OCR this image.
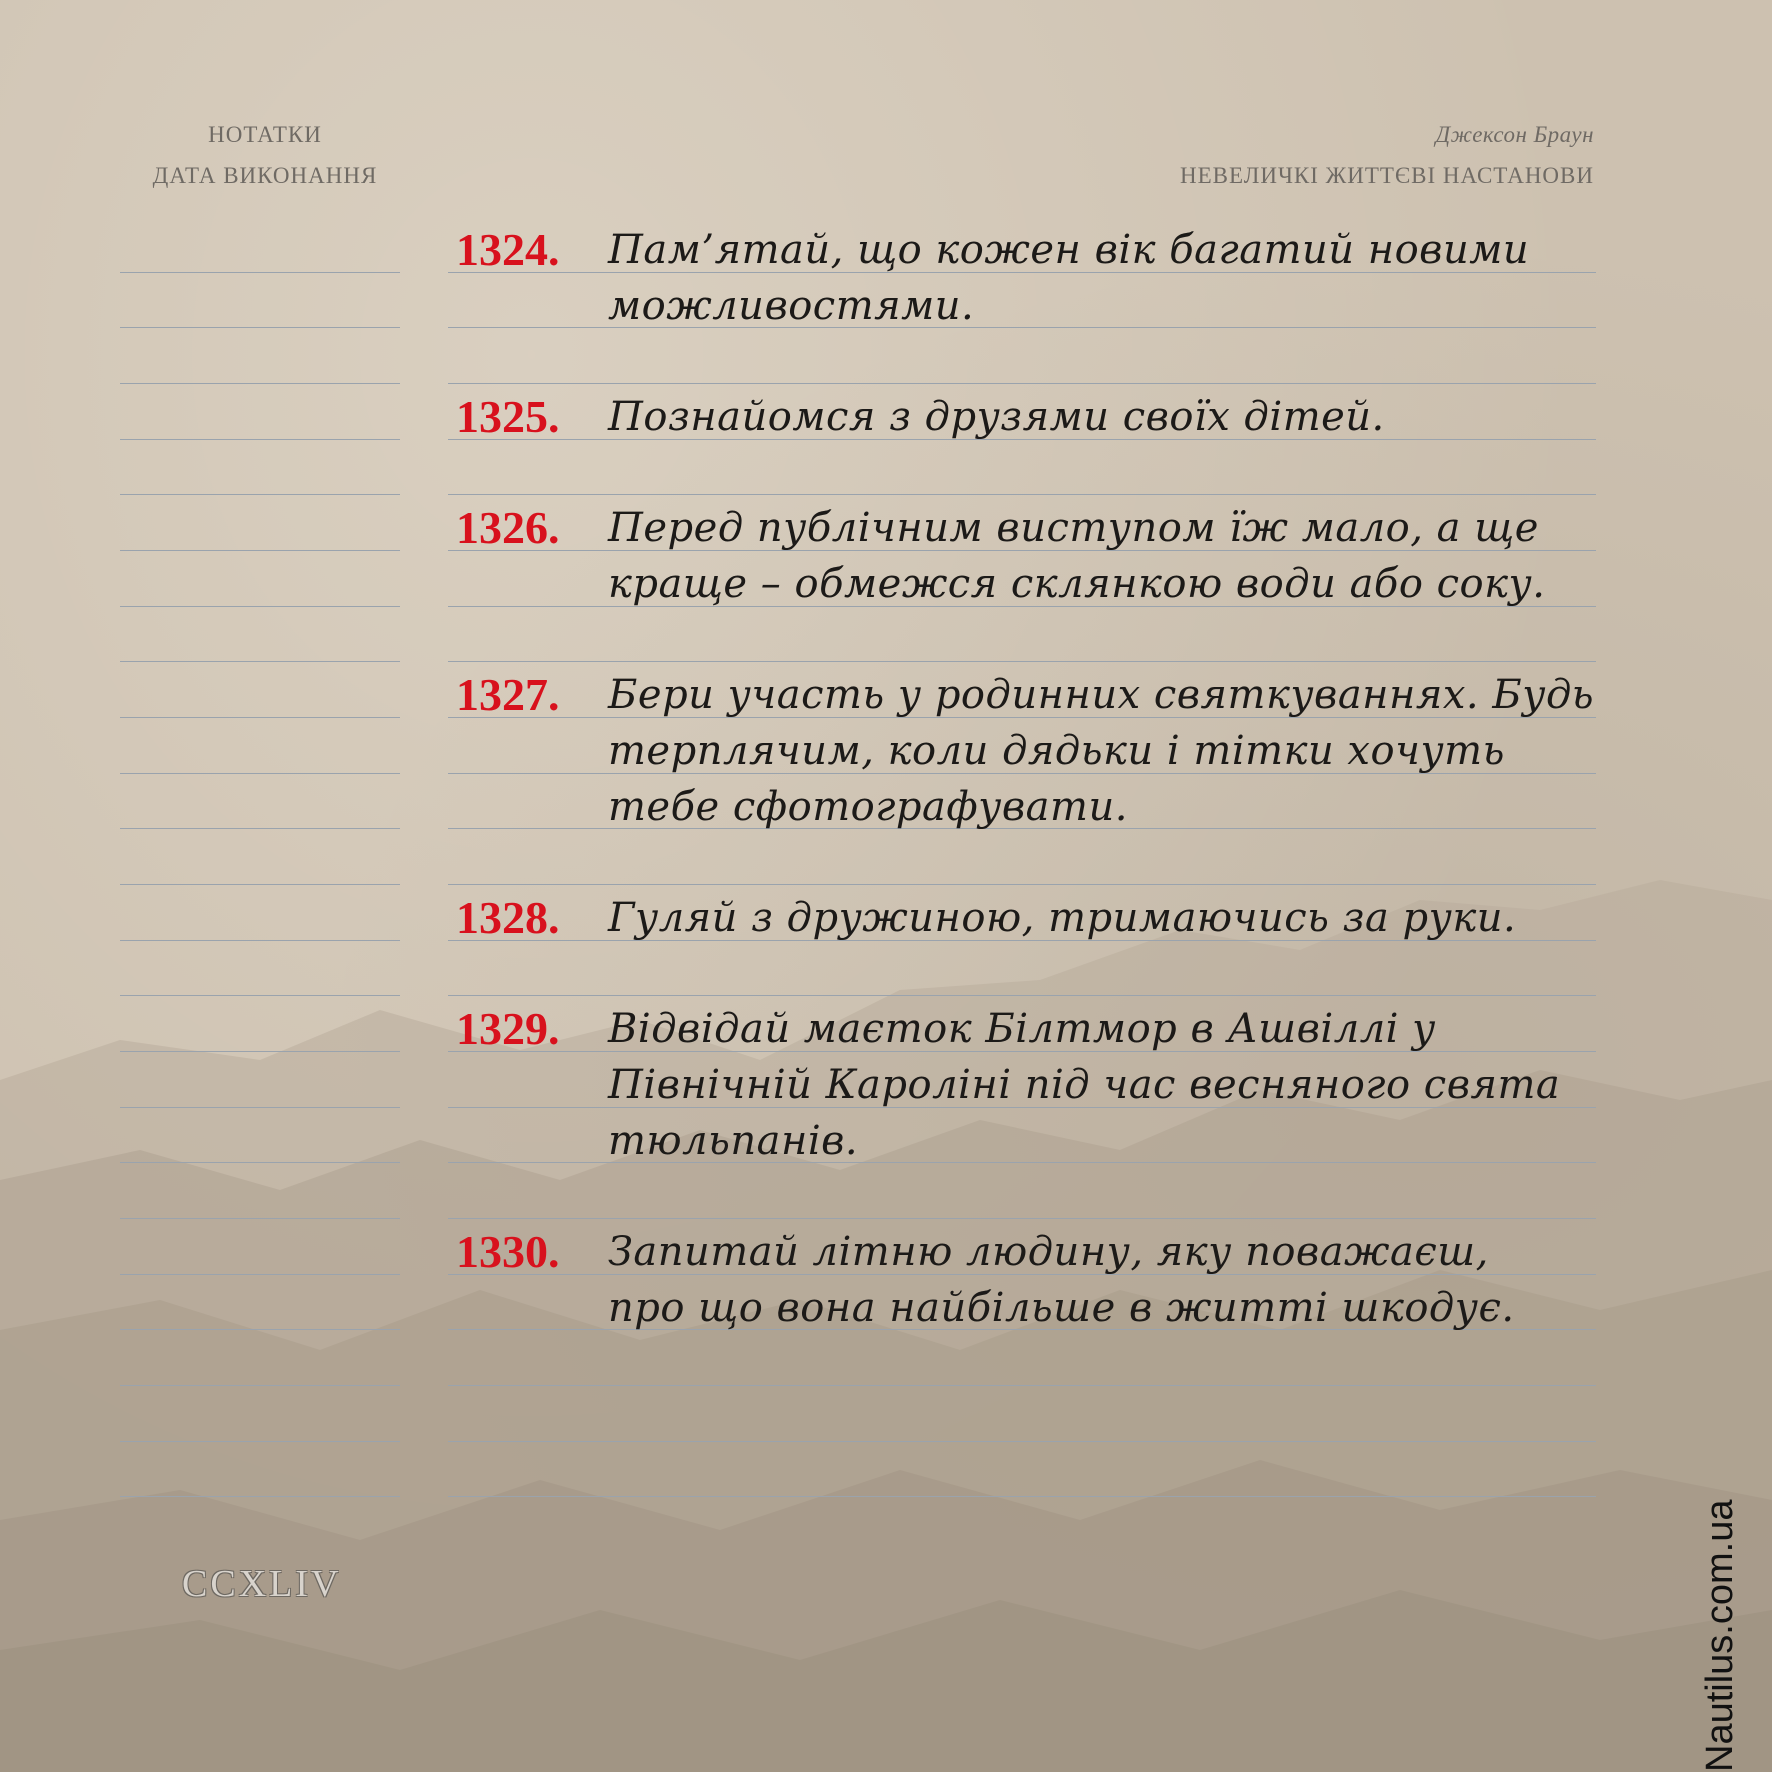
НОТАТКИ
ДАТА ВИКОНАННЯ
Джексон Браун
НЕВЕЛИЧКІ ЖИТТЄВІ НАСТАНОВИ
1324. Пам’ятай, що кожен вік багатий новими
можливостями.
1325. Познайомся з друзями своїх дітей.
1326. Перед публічним виступом їж мало, а ще
краще – обмежся склянкою води або соку.
1327. Бери участь у родинних святкуваннях. Будь
терплячим, коли дядьки і тітки хочуть
тебе сфотографувати.
1328. Гуляй з дружиною, тримаючись за руки.
1329. Відвідай маєток Білтмор в Ашвіллі у
Північній Кароліні під час весняного свята
тюльпанів.
1330. Запитай літню людину, яку поважаєш,
про що вона найбільше в житті шкодує.
CCXLIV	Nautilus.com.ua
